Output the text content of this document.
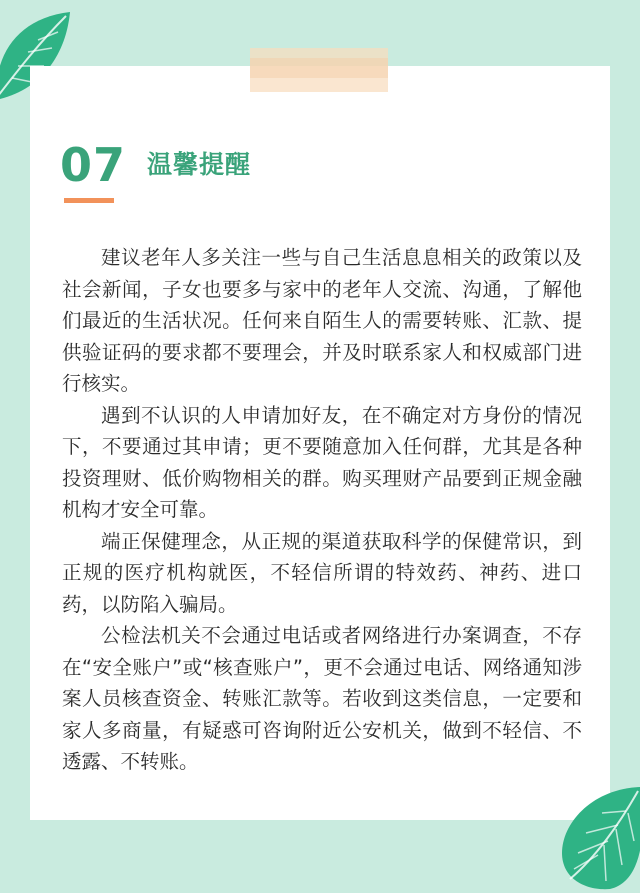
07 温馨提醒

建议老年人多关注一些与自己生活息息相关的政策以及社会新闻，子女也要多与家中的老年人交流、沟通，了解他们最近的生活状况。任何来自陌生人的需要转账、汇款、提供验证码的要求都不要理会，并及时联系家人和权威部门进行核实。

遇到不认识的人申请加好友，在不确定对方身份的情况下，不要通过其申请；更不要随意加入任何群，尤其是各种投资理财、低价购物相关的群。购买理财产品要到正规金融机构才安全可靠。

端正保健理念，从正规的渠道获取科学的保健常识，到正规的医疗机构就医，不轻信所谓的特效药、神药、进口药，以防陷入骗局。

公检法机关不会通过电话或者网络进行办案调查，不存在“安全账户”或“核查账户”，更不会通过电话、网络通知涉案人员核查资金、转账汇款等。若收到这类信息，一定要和家人多商量，有疑惑可咨询附近公安机关，做到不轻信、不透露、不转账。
